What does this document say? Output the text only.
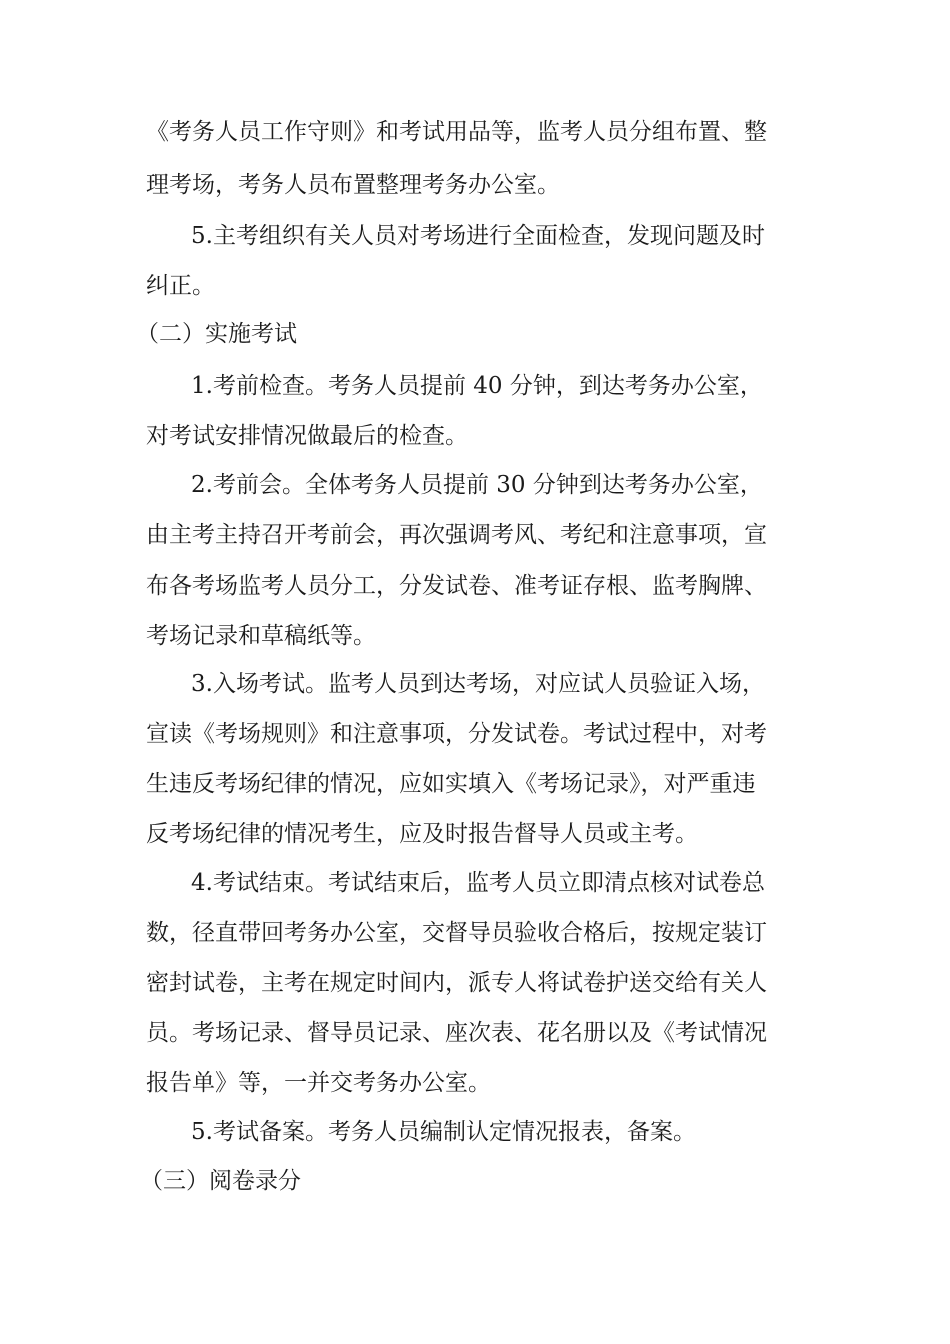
《考务人员工作守则》和考试用品等，监考人员分组布置、整
理考场，考务人员布置整理考务办公室。
5.主考组织有关人员对考场进行全面检查，发现问题及时
纠正。
（二）实施考试
1.考前检查。考务人员提前 40 分钟，到达考务办公室，
对考试安排情况做最后的检查。
2.考前会。全体考务人员提前 30 分钟到达考务办公室，
由主考主持召开考前会，再次强调考风、考纪和注意事项，宣
布各考场监考人员分工，分发试卷、准考证存根、监考胸牌、
考场记录和草稿纸等。
3.入场考试。监考人员到达考场，对应试人员验证入场，
宣读《考场规则》和注意事项，分发试卷。考试过程中，对考
生违反考场纪律的情况，应如实填入《考场记录》，对严重违
反考场纪律的情况考生，应及时报告督导人员或主考。
4.考试结束。考试结束后，监考人员立即清点核对试卷总
数，径直带回考务办公室，交督导员验收合格后，按规定装订
密封试卷，主考在规定时间内，派专人将试卷护送交给有关人
员。考场记录、督导员记录、座次表、花名册以及《考试情况
报告单》等，一并交考务办公室。
5.考试备案。考务人员编制认定情况报表，备案。
（三）阅卷录分
